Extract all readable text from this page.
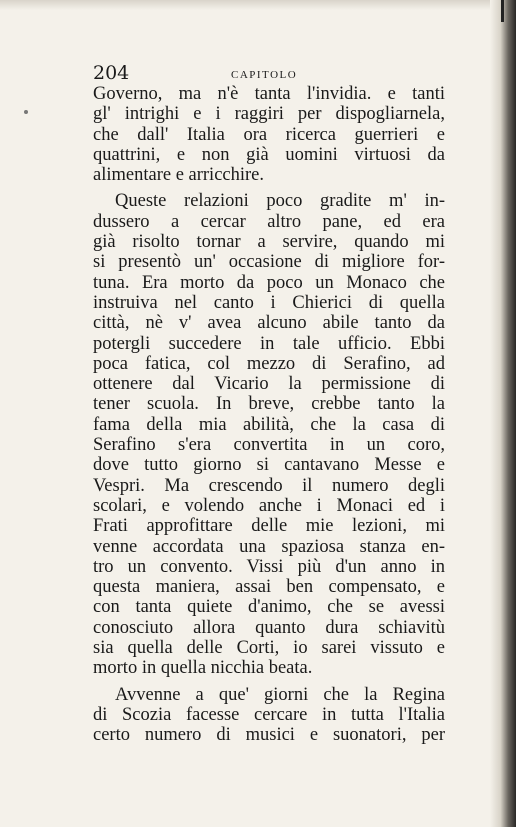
204	CAPITOLO
Governo, ma n'è tanta l'invidia. e tanti
gl' intrighi e i raggiri per dispogliarnela,
che dall' Italia ora ricerca guerrieri e
quattrini, e non già uomini virtuosi da
alimentare e arricchire.
Queste relazioni poco gradite m' in-
dussero a cercar altro pane, ed era
già risolto tornar a servire, quando mi
si presentò un' occasione di migliore for-
tuna. Era morto da poco un Monaco che
instruiva nel canto i Chierici di quella
città, nè v' avea alcuno abile tanto da
potergli succedere in tale ufficio. Ebbi
poca fatica, col mezzo di Serafino, ad
ottenere dal Vicario la permissione di
tener scuola. In breve, crebbe tanto la
fama della mia abilità, che la casa di
Serafino s'era convertita in un coro,
dove tutto giorno si cantavano Messe e
Vespri. Ma crescendo il numero degli
scolari, e volendo anche i Monaci ed i
Frati approfittare delle mie lezioni, mi
venne accordata una spaziosa stanza en-
tro un convento. Vissi più d'un anno in
questa maniera, assai ben compensato, e
con tanta quiete d'animo, che se avessi
conosciuto allora quanto dura schiavitù
sia quella delle Corti, io sarei vissuto e
morto in quella nicchia beata.
Avvenne a que' giorni che la Regina
di Scozia facesse cercare in tutta l'Italia
certo numero di musici e suonatori, per
